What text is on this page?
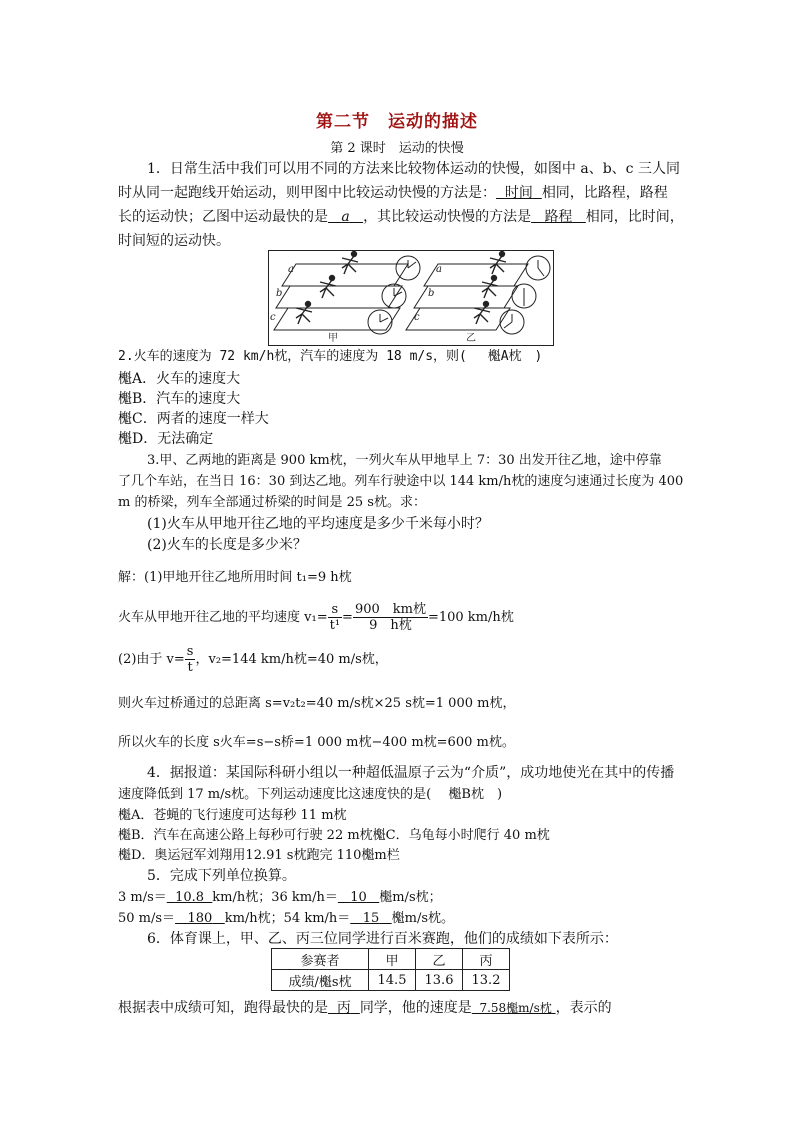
第二节　运动的描述
第 2 课时　运动的快慢
1．日常生活中我们可以用不同的方法来比较物体运动的快慢，如图中 a、b、c 三人同
时从同一起跑线开始运动，则甲图中比较运动快慢的方法是： 时间 相同，比路程，路程
长的运动快；乙图中运动最快的是 a ，其比较运动快慢的方法是 路程 相同，比时间，
时间短的运动快。
a
b
c
b
c
a
甲	乙
2.火车的速度为 72 km/h枕，汽车的速度为 18 m/s，则(　 櫆A枕　)
櫆A．火车的速度大
櫆B．汽车的速度大
櫆C．两者的速度一样大
櫆D．无法确定
3.甲、乙两地的距离是 900 km枕，一列火车从甲地早上 7：30 出发开往乙地，途中停靠
了几个车站，在当日 16：30 到达乙地。列车行驶途中以 144 km/h枕的速度匀速通过长度为 400
m 的桥梁，列车全部通过桥梁的时间是 25 s枕。求：
(1)火车从甲地开往乙地的平均速度是多少千米每小时？
(2)火车的长度是多少米？
解：(1)甲地开往乙地所用时间 t₁=9 h枕
火车从甲地开往乙地的平均速度 $v_1= \frac{s}{\text{t¹}} = \frac{\text{900　km枕}}{\text{9　h枕}} =100$ km/h枕
(2)由于 $v= \frac{s}{t}$ ，v₂=144 km/h枕=40 m/s枕，
则火车过桥通过的总距离 s=v₂t₂=40 m/s枕×25 s枕=1 000 m枕，
所以火车的长度 s火车=s−s桥=1 000 m枕−400 m枕=600 m枕。
4．据报道：某国际科研小组以一种超低温原子云为“介质”，成功地使光在其中的传播
速度降低到 17 m/s枕。下列运动速度比这速度快的是(　 櫆B枕　)
櫆A．苍蝇的飞行速度可达每秒 11 m枕
櫆B．汽车在高速公路上每秒可行驶 22 m枕櫆C．乌龟每小时爬行 40 m枕
櫆D．奥运冠军刘翔用12.91 s枕跑完 110櫆m栏
5．完成下列单位换算。
3 m/s＝ 10.8 km/h枕；36 km/h＝ 10 櫆m/s枕；
50 m/s＝ 180 km/h枕；54 km/h＝ 15 櫆m/s枕。
6．体育课上，甲、乙、丙三位同学进行百米赛跑，他们的成绩如下表所示：
参赛者	甲	乙	丙
成绩/櫆s枕	14.5	13.6	13.2
根据表中成绩可知，跑得最快的是 丙 同学，他的速度是 7.58櫆m/s枕 ，表示的
